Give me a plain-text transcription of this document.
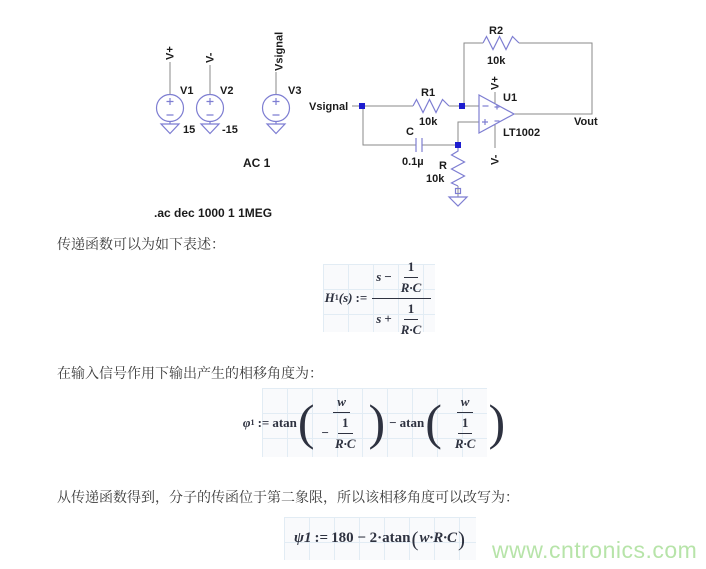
V+
V1
15
V-
V2
-15
Vsignal
V3
AC 1
.ac dec 1000 1 1MEG
Vsignal
R1
10k
C
0.1µ R
10k
R2
10k
V+
V-
U1
LT1002
Vout
传递函数可以为如下表述：
H 1 (s) := $\frac{s - \frac{1}{R\cdot C}}{s + \frac{1}{R\cdot C}}$
在输入信号作用下输出产生的相移角度为：
φ 1 := atan ( $\frac{w}{- \frac{1}{R\cdot C}}$ ) − atan ( $\frac{w}{\frac{1}{R\cdot C}}$ )
从传递函数得到，分子的传函位于第二象限，所以该相移角度可以改写为：
ψ1 := 180 − 2·atan ( w·R·C ) www.cntronics.com
